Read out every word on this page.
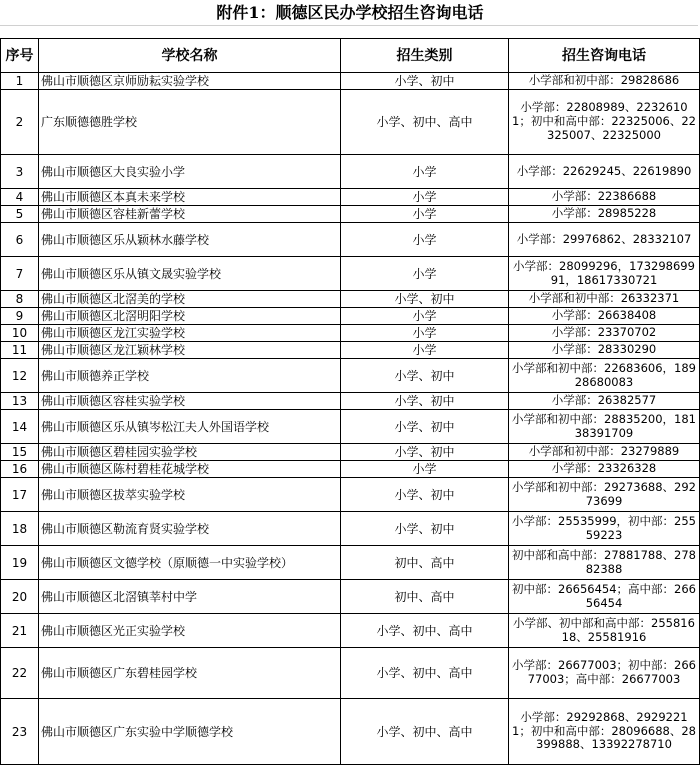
附件1：顺德区民办学校招生咨询电话
序号	学校名称	招生类别	招生咨询电话
1	佛山市顺德区京师励耘实验学校	小学、初中	小学部和初中部：29828686
2	广东顺德德胜学校	小学、初中、高中	小学部：22808989、22326101；初中和高中部：22325006、22325007、22325000
3	佛山市顺德区大良实验小学	小学	小学部：22629245、22619890
4	佛山市顺德区本真未来学校	小学	小学部：22386688
5	佛山市顺德区容桂新蕾学校	小学	小学部：28985228
6	佛山市顺德区乐从颖林水藤学校	小学	小学部：29976862、28332107
7	佛山市顺德区乐从镇文晟实验学校	小学	小学部：28099296，17329869991，18617330721
8	佛山市顺德区北滘美的学校	小学、初中	小学部和初中部：26332371
9	佛山市顺德区北滘明阳学校	小学	小学部：26638408
10	佛山市顺德区龙江实验学校	小学	小学部：23370702
11	佛山市顺德区龙江颖林学校	小学	小学部：28330290
12	佛山市顺德养正学校	小学、初中	小学部和初中部：22683606，18928680083
13	佛山市顺德区容桂实验学校	小学、初中	小学部：26382577
14	佛山市顺德区乐从镇岑松江夫人外国语学校	小学、初中	小学部和初中部：28835200，18138391709
15	佛山市顺德区碧桂园实验学校	小学、初中	小学部和初中部：23279889
16	佛山市顺德区陈村碧桂花城学校	小学	小学部：23326328
17	佛山市顺德区拔萃实验学校	小学、初中	小学部和初中部：29273688、29273699
18	佛山市顺德区勒流育贤实验学校	小学、初中	小学部：25535999，初中部：25559223
19	佛山市顺德区文德学校（原顺德一中实验学校）	初中、高中	初中部和高中部：27881788、27882388
20	佛山市顺德区北滘镇莘村中学	初中、高中	初中部：26656454；高中部：26656454
21	佛山市顺德区光正实验学校	小学、初中、高中	小学部、初中部和高中部：25581618、25581916
22	佛山市顺德区广东碧桂园学校	小学、初中、高中	小学部：26677003；初中部：26677003；高中部：26677003
23	佛山市顺德区广东实验中学顺德学校	小学、初中、高中	小学部：29292868、29292211；初中和高中部：28096688、28399888、13392278710
